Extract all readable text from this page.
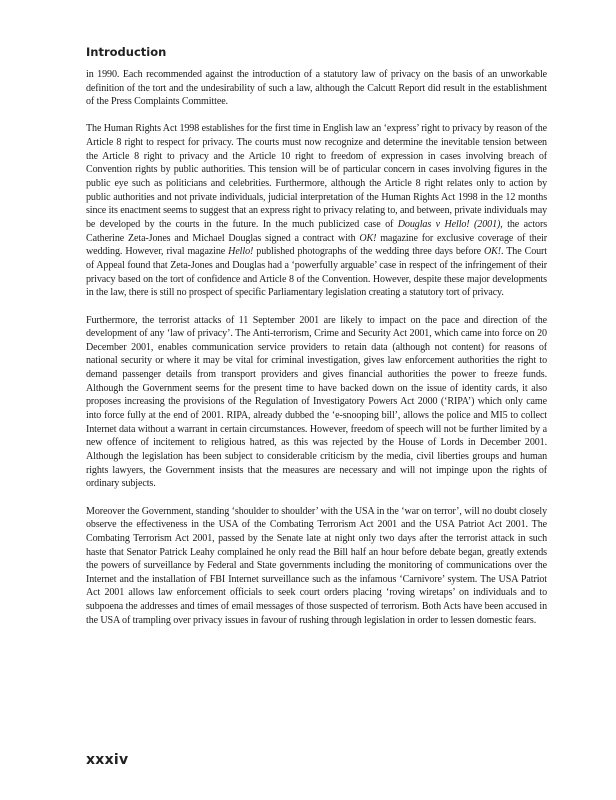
Introduction
in 1990. Each recommended against the introduction of a statutory law of privacy on the basis of an unworkable definition of the tort and the undesirability of such a law, although the Calcutt Report did result in the establishment of the Press Complaints Committee.
The Human Rights Act 1998 establishes for the first time in English law an ‘express’ right to privacy by reason of the Article 8 right to respect for privacy. The courts must now recognize and determine the inevitable tension between the Article 8 right to privacy and the Article 10 right to freedom of expression in cases involving breach of Convention rights by public authorities. This tension will be of particular concern in cases involving figures in the public eye such as politicians and celebrities. Furthermore, although the Article 8 right relates only to action by public authorities and not private individuals, judicial interpretation of the Human Rights Act 1998 in the 12 months since its enactment seems to suggest that an express right to privacy relating to, and between, private individuals may be developed by the courts in the future. In the much publicized case of Douglas v Hello! (2001), the actors Catherine Zeta-Jones and Michael Douglas signed a contract with OK! magazine for exclusive coverage of their wedding. However, rival magazine Hello! published photographs of the wedding three days before OK!. The Court of Appeal found that Zeta-Jones and Douglas had a ‘powerfully arguable’ case in respect of the infringement of their privacy based on the tort of confidence and Article 8 of the Convention. However, despite these major developments in the law, there is still no prospect of specific Parliamentary legislation creating a statutory tort of privacy.
Furthermore, the terrorist attacks of 11 September 2001 are likely to impact on the pace and direction of the development of any ‘law of privacy’. The Anti-terrorism, Crime and Security Act 2001, which came into force on 20 December 2001, enables communication service providers to retain data (although not content) for reasons of national security or where it may be vital for criminal investigation, gives law enforcement authorities the right to demand passenger details from transport providers and gives financial authorities the power to freeze funds. Although the Government seems for the present time to have backed down on the issue of identity cards, it also proposes increasing the provisions of the Regulation of Investigatory Powers Act 2000 (‘RIPA’) which only came into force fully at the end of 2001. RIPA, already dubbed the ‘e-snooping bill’, allows the police and MI5 to collect Internet data without a warrant in certain circumstances. However, freedom of speech will not be further limited by a new offence of incitement to religious hatred, as this was rejected by the House of Lords in December 2001. Although the legislation has been subject to considerable criticism by the media, civil liberties groups and human rights lawyers, the Government insists that the measures are necessary and will not impinge upon the rights of ordinary subjects.
Moreover the Government, standing ‘shoulder to shoulder’ with the USA in the ‘war on terror’, will no doubt closely observe the effectiveness in the USA of the Combating Terrorism Act 2001 and the USA Patriot Act 2001. The Combating Terrorism Act 2001, passed by the Senate late at night only two days after the terrorist attack in such haste that Senator Patrick Leahy complained he only read the Bill half an hour before debate began, greatly extends the powers of surveillance by Federal and State governments including the monitoring of communications over the Internet and the installation of FBI Internet surveillance such as the infamous ‘Carnivore’ system. The USA Patriot Act 2001 allows law enforcement officials to seek court orders placing ‘roving wiretaps’ on individuals and to subpoena the addresses and times of email messages of those suspected of terrorism. Both Acts have been accused in the USA of trampling over privacy issues in favour of rushing through legislation in order to lessen domestic fears.
xxxiv
